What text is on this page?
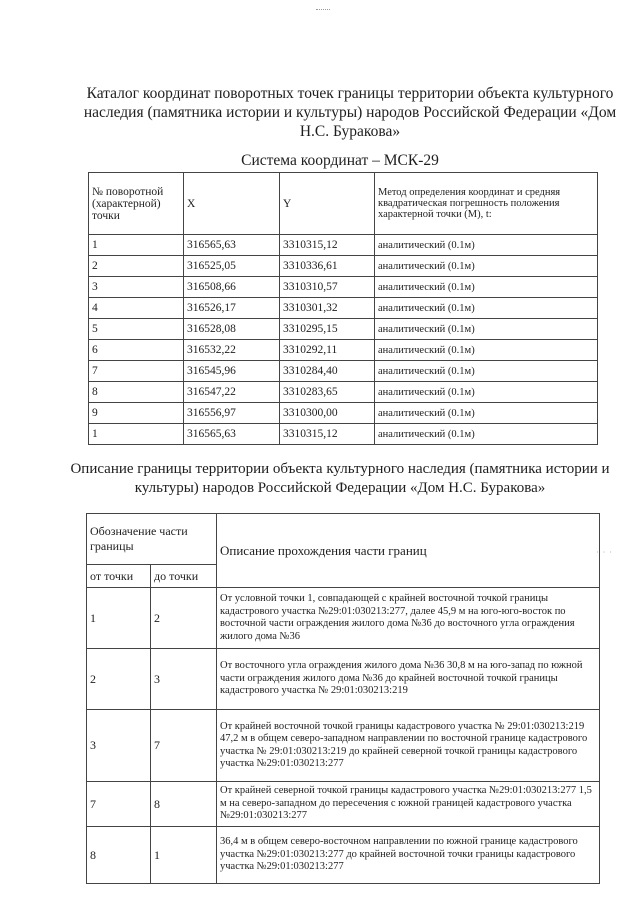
Каталог координат поворотных точек границы территории объекта культурного наследия (памятника истории и культуры) народов Российской Федерации «Дом Н.С. Буракова»
Система координат – МСК-29
№ поворотной (характерной) точки	X	Y	Метод определения координат и средняя квадратическая погрешность положения характерной точки (М), t:
1	316565,63	3310315,12	аналитический (0.1м)
2	316525,05	3310336,61	аналитический (0.1м)
3	316508,66	3310310,57	аналитический (0.1м)
4	316526,17	3310301,32	аналитический (0.1м)
5	316528,08	3310295,15	аналитический (0.1м)
6	316532,22	3310292,11	аналитический (0.1м)
7	316545,96	3310284,40	аналитический (0.1м)
8	316547,22	3310283,65	аналитический (0.1м)
9	316556,97	3310300,00	аналитический (0.1м)
1	316565,63	3310315,12	аналитический (0.1м)
Описание границы территории объекта культурного наследия (памятника истории и культуры) народов Российской Федерации «Дом Н.С. Буракова»
Обозначение части границы		Описание прохождения части границ
от точки	до точки	
1	2	От условной точки 1, совпадающей с крайней восточной точкой границы кадастрового участка №29:01:030213:277, далее 45,9 м на юго-юго-восток по восточной части ограждения жилого дома №36 до восточного угла ограждения жилого дома №36
2	3	От восточного угла ограждения жилого дома №36 30,8 м на юго-запад по южной части ограждения жилого дома №36 до крайней восточной точкой границы кадастрового участка № 29:01:030213:219
3	7	От крайней восточной точкой границы кадастрового участка № 29:01:030213:219 47,2 м в общем северо-западном направлении по восточной границе кадастрового участка № 29:01:030213:219 до крайней северной точкой границы кадастрового участка №29:01:030213:277
7	8	От крайней северной точкой границы кадастрового участка №29:01:030213:277 1,5 м на северо-западном до пересечения с южной границей кадастрового участка №29:01:030213:277
8	1	36,4 м в общем северо-восточном направлении по южной границе кадастрового участка №29:01:030213:277 до крайней восточной точки границы кадастрового участка №29:01:030213:277
· · ·
